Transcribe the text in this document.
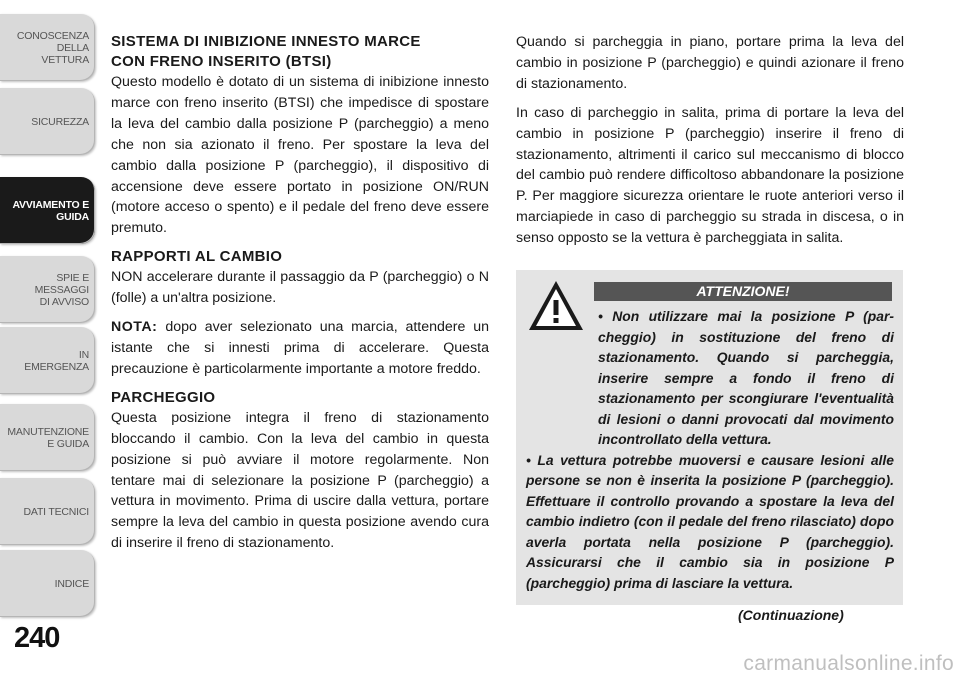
CONOSCENZA DELLA
VETTURA
SICUREZZA
AVVIAMENTO E
GUIDA
SPIE E
MESSAGGI
DI AVVISO
IN
EMERGENZA
MANUTENZIONE
E GUIDA
DATI TECNICI
INDICE
240
SISTEMA DI INIBIZIONE INNESTO MARCE
CON FRENO INSERITO (BTSI)

Questo modello è dotato di un sistema di inibizione innesto marce con freno inserito (BTSI) che impedisce di spostare la leva del cambio dalla posizione P (parcheggio) a meno che non sia azionato il freno. Per spostare la leva del cambio dalla posizione P (parcheggio), il dispositivo di accensione deve essere portato in posizione ON/RUN (motore acceso o spento) e il pedale del freno deve essere premuto.

RAPPORTI AL CAMBIO

NON accelerare durante il passaggio da P (parcheggio) o N (folle) a un'altra posizione.

NOTA: dopo aver selezionato una marcia, attendere un istante che si innesti prima di accelerare. Questa precauzione è particolarmente importante a motore freddo.

PARCHEGGIO

Questa posizione integra il freno di stazionamento bloccando il cambio. Con la leva del cambio in questa posizione si può avviare il motore regolarmente. Non tentare mai di selezionare la posizione P (parcheggio) a vettura in movimento. Prima di uscire dalla vettura, portare sempre la leva del cambio in questa posizione avendo cura di inserire il freno di stazionamento.

Quando si parcheggia in piano, portare prima la leva del cambio in posizione P (parcheggio) e quindi azionare il freno di stazionamento.

In caso di parcheggio in salita, prima di portare la leva del cambio in posizione P (parcheggio) inserire il freno di stazionamento, altrimenti il carico sul meccanismo di blocco del cambio può rendere difficoltoso abbandonare la posizione P. Per maggiore sicurezza orientare le ruote anteriori verso il marciapiede in caso di parcheggio su strada in discesa, o in senso opposto se la vettura è parcheggiata in salita.

ATTENZIONE!
• Non utilizzare mai la posizione P (parcheggio) in sostituzione del freno di stazionamento. Quando si parcheggia, inserire sempre a fondo il freno di stazionamento per scongiurare l'eventualità di lesioni o danni provocati dal movimento incontrollato della vettura.
• La vettura potrebbe muoversi e causare lesioni alle persone se non è inserita la posizione P (parcheggio). Effettuare il controllo provando a spostare la leva del cambio indietro (con il pedale del freno rilasciato) dopo averla portata nella posizione P (parcheggio). Assicurarsi che il cambio sia in posizione P (parcheggio) prima di lasciare la vettura.
(Continuazione)
carmanualsonline.info
